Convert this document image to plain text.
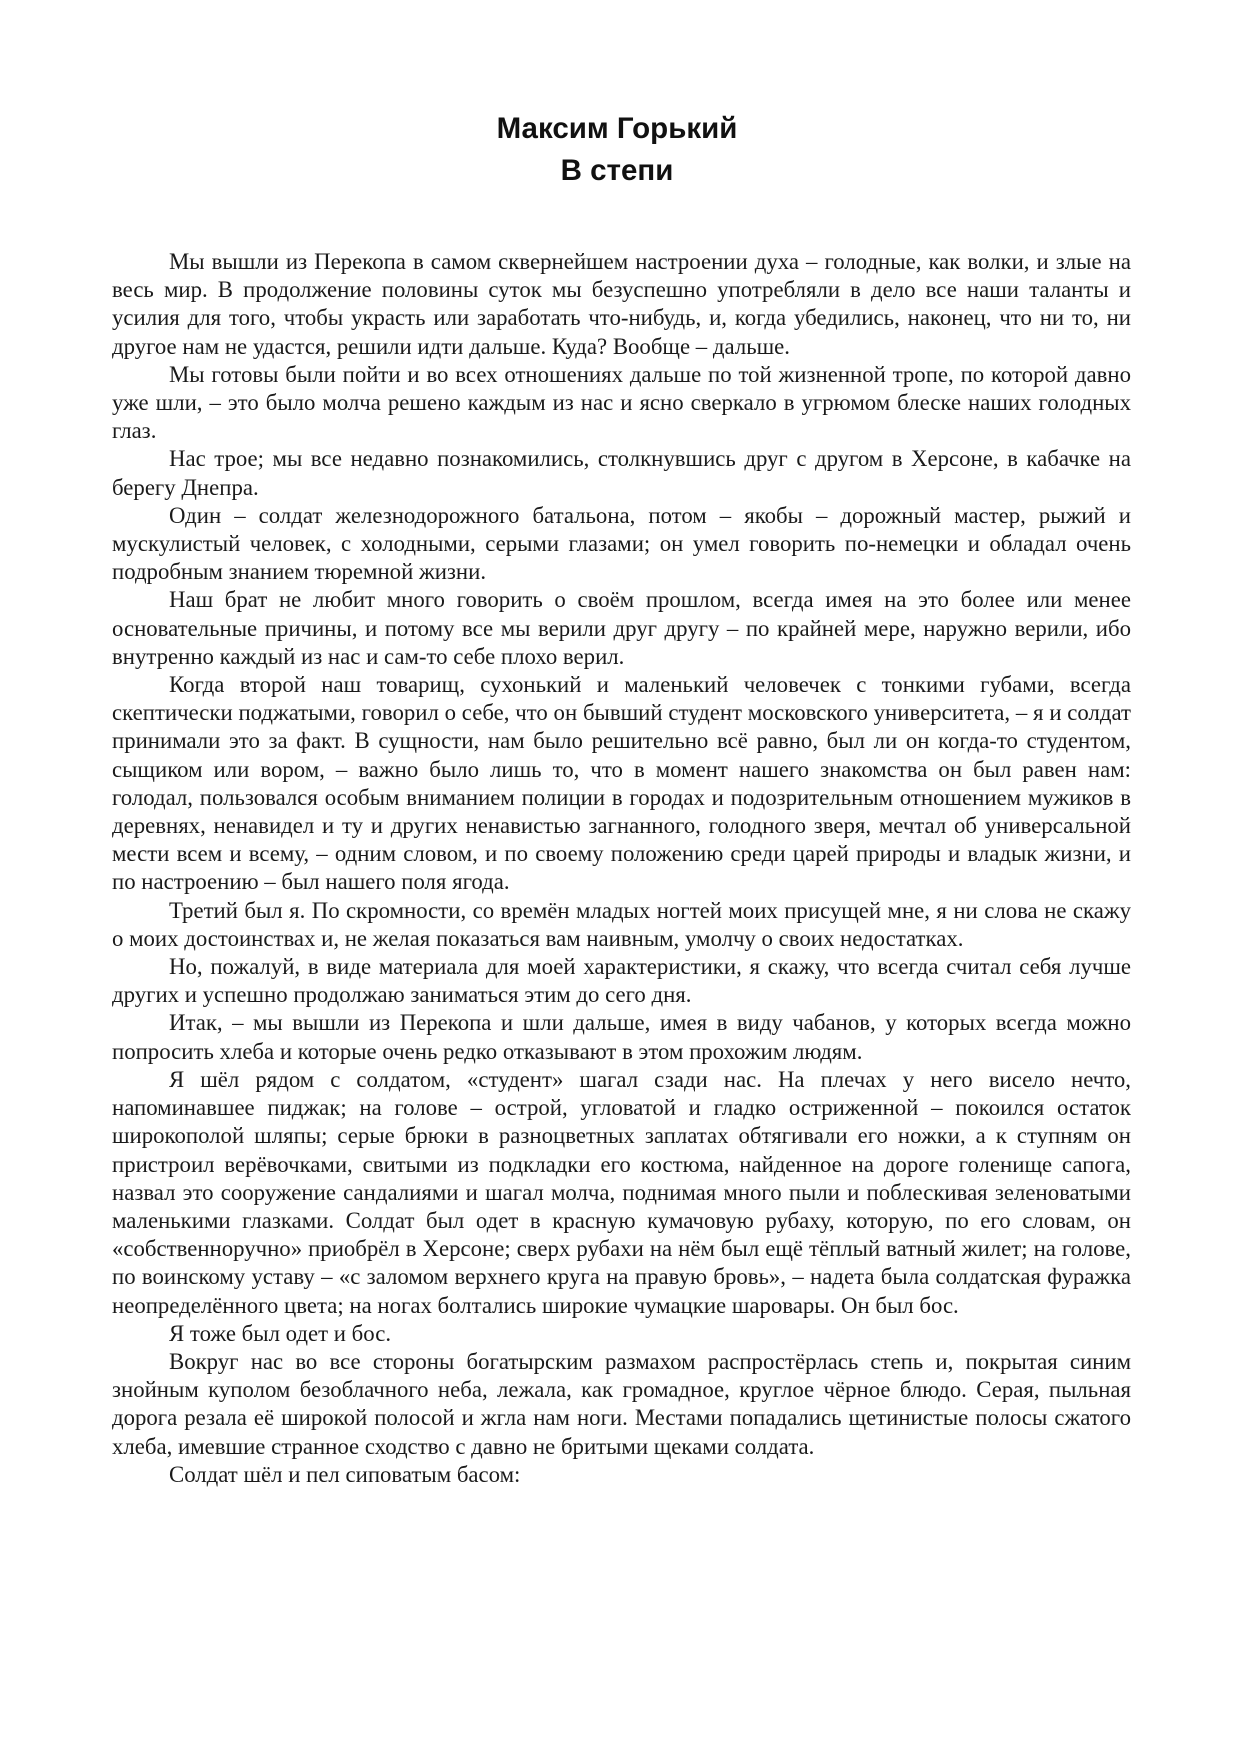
Максим Горький
В степи

Мы вышли из Перекопа в самом сквернейшем настроении духа – голодные, как волки, и злые на весь мир. В продолжение половины суток мы безуспешно употребляли в дело все наши таланты и усилия для того, чтобы украсть или заработать что-нибудь, и, когда убедились, наконец, что ни то, ни другое нам не удастся, решили идти дальше. Куда? Вообще – дальше.

Мы готовы были пойти и во всех отношениях дальше по той жизненной тропе, по которой давно уже шли, – это было молча решено каждым из нас и ясно сверкало в угрюмом блеске наших голодных глаз.

Нас трое; мы все недавно познакомились, столкнувшись друг с другом в Херсоне, в кабачке на берегу Днепра.

Один – солдат железнодорожного батальона, потом – якобы – дорожный мастер, рыжий и мускулистый человек, с холодными, серыми глазами; он умел говорить по-немецки и обладал очень подробным знанием тюремной жизни.

Наш брат не любит много говорить о своём прошлом, всегда имея на это более или менее основательные причины, и потому все мы верили друг другу – по крайней мере, наружно верили, ибо внутренно каждый из нас и сам-то себе плохо верил.

Когда второй наш товарищ, сухонький и маленький человечек с тонкими губами, всегда скептически поджатыми, говорил о себе, что он бывший студент московского университета, – я и солдат принимали это за факт. В сущности, нам было решительно всё равно, был ли он когда-то студентом, сыщиком или вором, – важно было лишь то, что в момент нашего знакомства он был равен нам: голодал, пользовался особым вниманием полиции в городах и подозрительным отношением мужиков в деревнях, ненавидел и ту и других ненавистью загнанного, голодного зверя, мечтал об универсальной мести всем и всему, – одним словом, и по своему положению среди царей природы и владык жизни, и по настроению – был нашего поля ягода.

Третий был я. По скромности, со времён младых ногтей моих присущей мне, я ни слова не скажу о моих достоинствах и, не желая показаться вам наивным, умолчу о своих недостатках.

Но, пожалуй, в виде материала для моей характеристики, я скажу, что всегда считал себя лучше других и успешно продолжаю заниматься этим до сего дня.

Итак, – мы вышли из Перекопа и шли дальше, имея в виду чабанов, у которых всегда можно попросить хлеба и которые очень редко отказывают в этом прохожим людям.

Я шёл рядом с солдатом, «студент» шагал сзади нас. На плечах у него висело нечто, напоминавшее пиджак; на голове – острой, угловатой и гладко остриженной – покоился остаток широкополой шляпы; серые брюки в разноцветных заплатах обтягивали его ножки, а к ступням он пристроил верёвочками, свитыми из подкладки его костюма, найденное на дороге голенище сапога, назвал это сооружение сандалиями и шагал молча, поднимая много пыли и поблескивая зеленоватыми маленькими глазками. Солдат был одет в красную кумачовую рубаху, которую, по его словам, он «собственноручно» приобрёл в Херсоне; сверх рубахи на нём был ещё тёплый ватный жилет; на голове, по воинскому уставу – «с заломом верхнего круга на правую бровь», – надета была солдатская фуражка неопределённого цвета; на ногах болтались широкие чумацкие шаровары. Он был бос.

Я тоже был одет и бос.

Вокруг нас во все стороны богатырским размахом распростёрлась степь и, покрытая синим знойным куполом безоблачного неба, лежала, как громадное, круглое чёрное блюдо. Серая, пыльная дорога резала её широкой полосой и жгла нам ноги. Местами попадались щетинистые полосы сжатого хлеба, имевшие странное сходство с давно не бритыми щеками солдата.

Солдат шёл и пел сиповатым басом:
